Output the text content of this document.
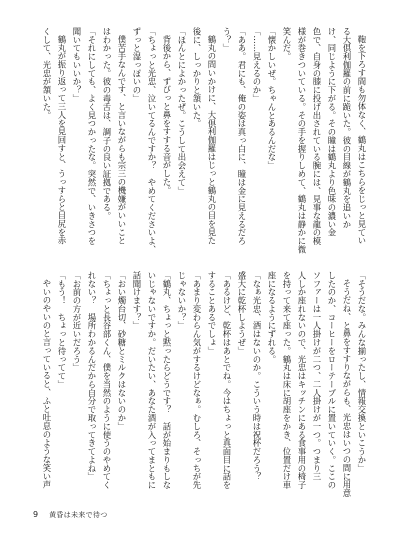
鞄を下ろす間も勿体なく、鶴丸はこちらをじっと見てい

る大倶利伽羅の前に跪いた。彼の目線が鶴丸を追いか

け、同じように下がる。その瞳は鶴丸より色味の濃い金

色で、自身の膝に投げ出されている腕には、見事な龍の模

様が巻きついている。その手を握りしめて、鶴丸は静かに微

笑んだ。

「懐かしいぜ。ちゃんとあるんだな」

「……見えるのか」

「ああ。君にも、俺の姿は真っ白に、瞳は金に見えるだろ

う？」

鶴丸の問いかけに、大倶利伽羅はじっと鶴丸の目を見た

後に、しっかりと頷いた。

「ほんとによかったぜ。こうして出会えて」

背後から、ずびっと鼻をすする音がした。

「ちょっと光忠、泣いてるんですか？　やめてくださいよ、

ずっと湿っぽいの」

僕苦手なんです、と言いながらも宗三の機嫌がいいこと

はわかった。彼の毒舌は、調子の良い証拠である。

「それにしても、よく見つかったな。突然で、いきさつを

聞いてもいいか？」

鶴丸が振り返って三人を見回すと、うっすらと目尻を赤

くして、光忠が頷いた。

「そうだな。みんな揃ったし、情報交換といこうか」

そうだね、と鼻をすすりながらも、光忠はいつの間に用意

したのか、コーヒーをローテーブルに置いていく。ここの

ソファーは一人掛けが二つ、二人掛けが一つ。つまり三

人しか座れないので、光忠はキッチンにある食事用の椅子

を持って来て座った。鶴丸は床に胡座をかき、位置だけ車

座になるようにずれる。

「なぁ光忠、酒はないのか。こういう時は祝杯だろう？

盛大に乾杯しようぜ」

「あるけど、乾杯はあとでね。今はちょっと真面目に話を

することあるでしょ」

「あまり変わらん気がするけどなぁ。むしろ、そっちが先

じゃないか？」

「鶴丸、ちょっと黙ったらどうです？　話が始まりもしな

いじゃないですか。だいたい、あなた酒が入ってまともに

話聞けます？」

「おい燭台切、砂糖とミルクはないのか」

「ちょっと長谷部くん、僕を当然のように使うのやめてく

れない？　場所わかるんだから自分で取ってきてよね」

「お前の方が近いだろう」

「もう！　ちょっと待ってて」

やいのやいのと言っていると、ふと吐息のような笑い声

9 黄昏は未来で待つ
